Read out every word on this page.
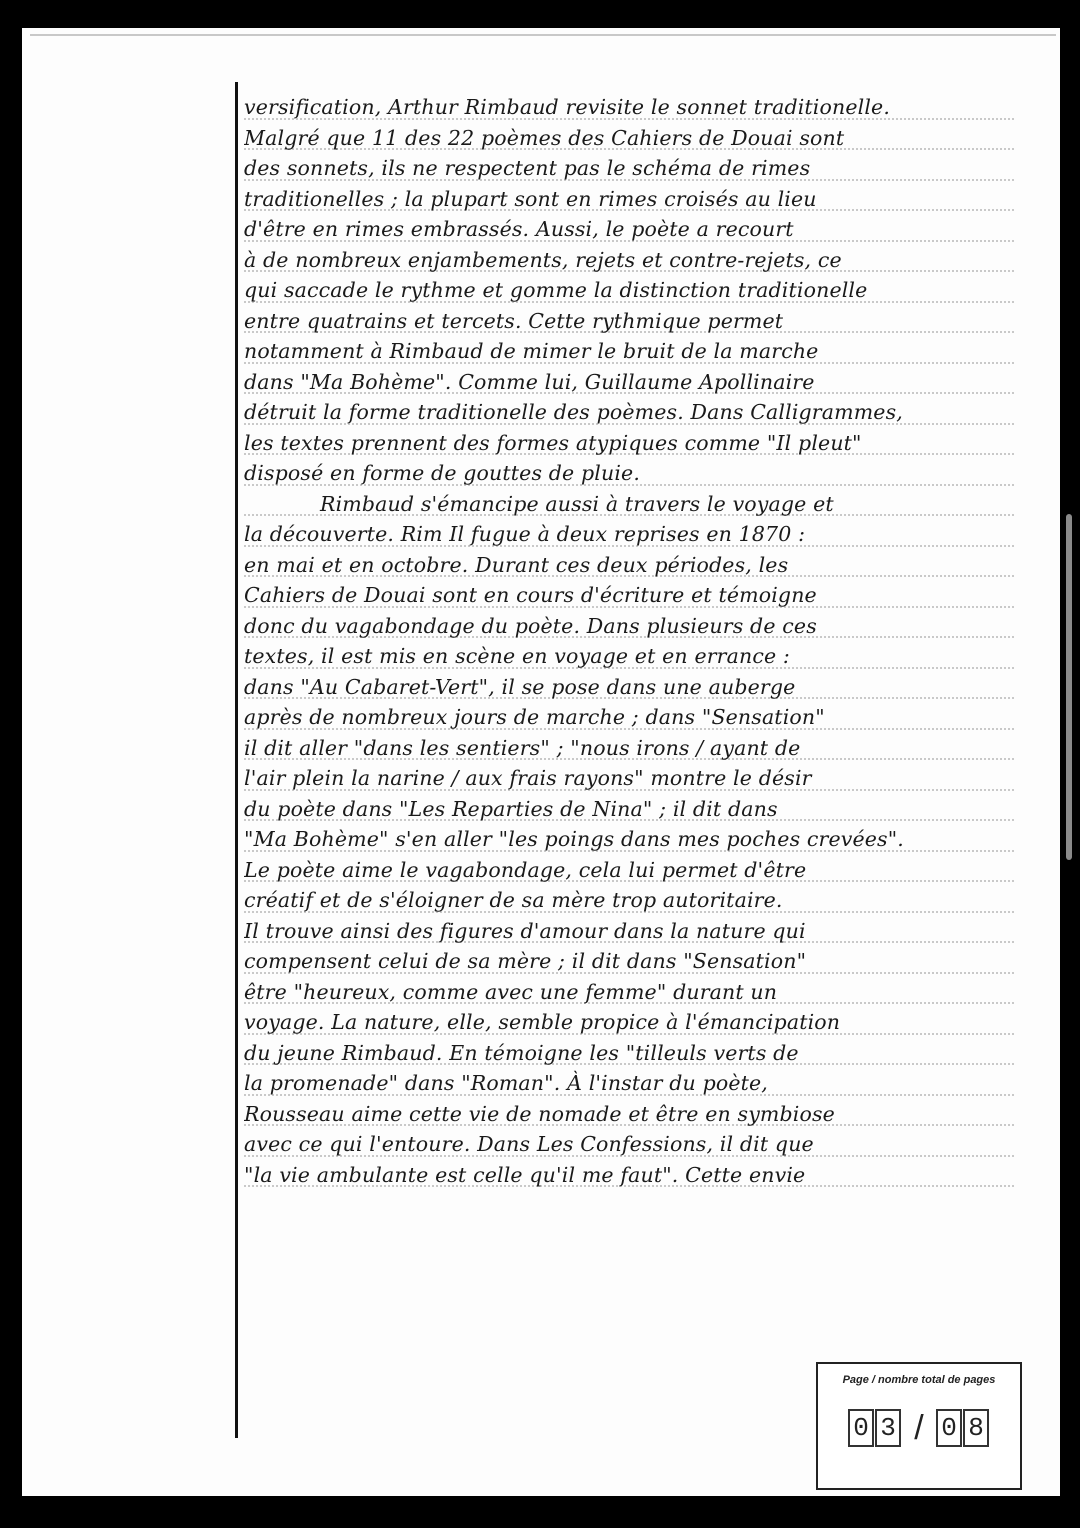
versification, Arthur Rimbaud revisite le sonnet traditionelle.
Malgré que 11 des 22 poèmes des Cahiers de Douai sont
des sonnets, ils ne respectent pas le schéma de rimes
traditionelles ; la plupart sont en rimes croisés au lieu
d'être en rimes embrassés. Aussi, le poète a recourt
à de nombreux enjambements, rejets et contre-rejets, ce
qui saccade le rythme et gomme la distinction traditionelle
entre quatrains et tercets. Cette rythmique permet
notamment à Rimbaud de mimer le bruit de la marche
dans "Ma Bohème". Comme lui, Guillaume Apollinaire
détruit la forme traditionelle des poèmes. Dans Calligrammes,
les textes prennent des formes atypiques comme "Il pleut"
disposé en forme de gouttes de pluie.
Rimbaud s'émancipe aussi à travers le voyage et
la découverte. Rim Il fugue à deux reprises en 1870 :
en mai et en octobre. Durant ces deux périodes, les
Cahiers de Douai sont en cours d'écriture et témoigne
donc du vagabondage du poète. Dans plusieurs de ces
textes, il est mis en scène en voyage et en errance :
dans "Au Cabaret-Vert", il se pose dans une auberge
après de nombreux jours de marche ; dans "Sensation"
il dit aller "dans les sentiers" ; "nous irons / ayant de
l'air plein la narine / aux frais rayons" montre le désir
du poète dans "Les Reparties de Nina" ; il dit dans
"Ma Bohème" s'en aller "les poings dans mes poches crevées".
Le poète aime le vagabondage, cela lui permet d'être
créatif et de s'éloigner de sa mère trop autoritaire.
Il trouve ainsi des figures d'amour dans la nature qui
compensent celui de sa mère ; il dit dans "Sensation"
être "heureux, comme avec une femme" durant un
voyage. La nature, elle, semble propice à l'émancipation
du jeune Rimbaud. En témoigne les "tilleuls verts de
la promenade" dans "Roman". À l'instar du poète,
Rousseau aime cette vie de nomade et être en symbiose
avec ce qui l'entoure. Dans Les Confessions, il dit que
"la vie ambulante est celle qu'il me faut". Cette envie
Page / nombre total de pages
0 3 / 0 8
